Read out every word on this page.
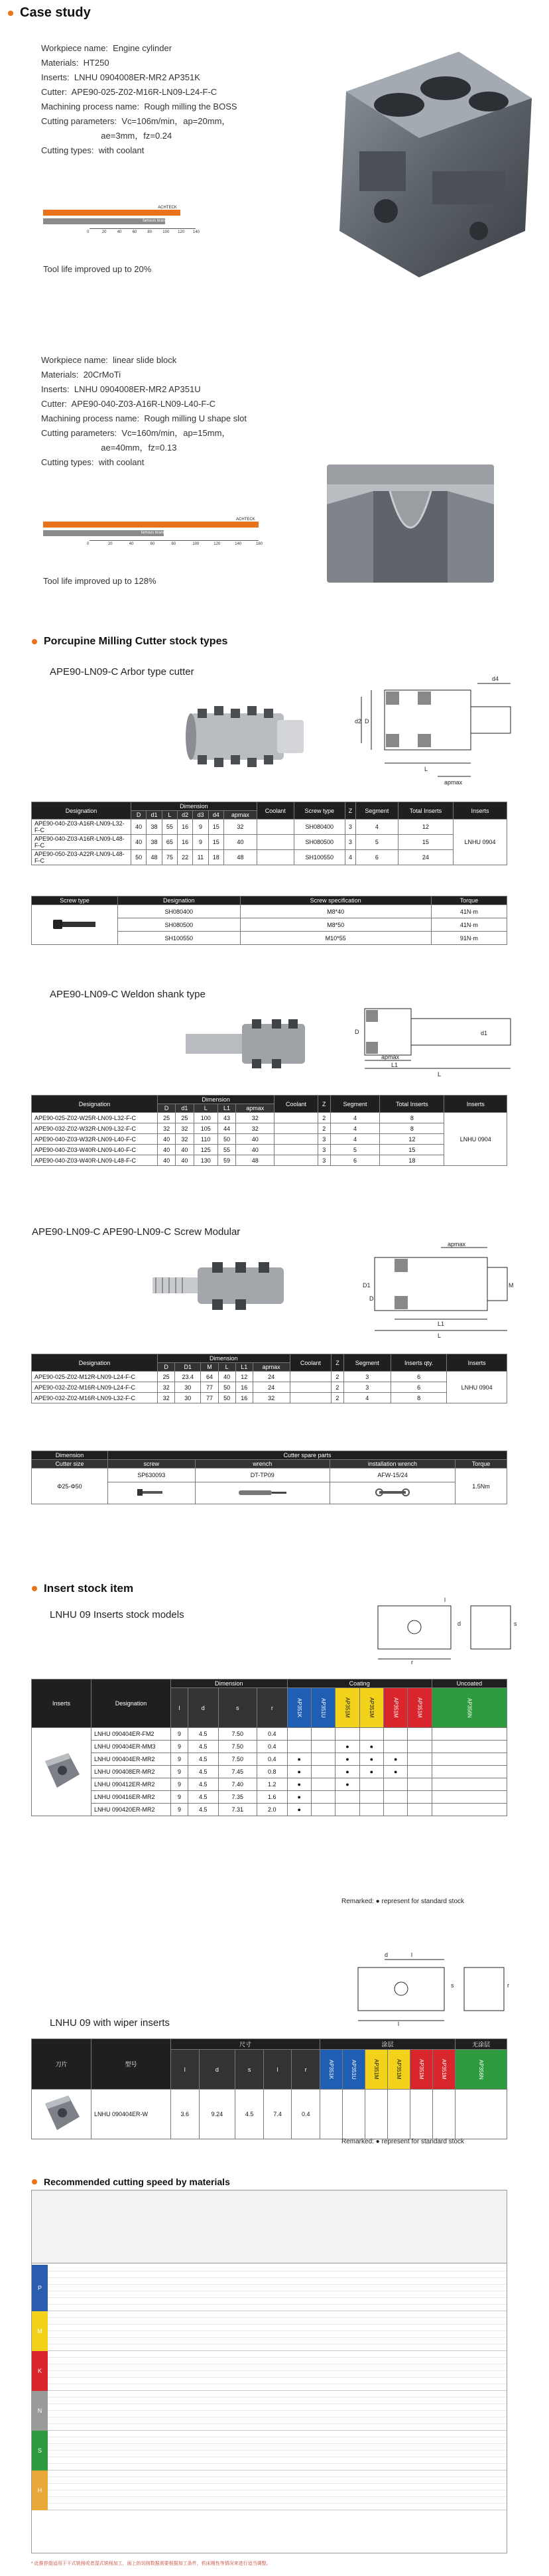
Case study
Workpiece name:  Engine cylinder
Materials:  HT250
Inserts:  LNHU 0904008ER-MR2 AP351K
Cutter:  APE90-025-Z02-M16R-LN09-L24-F-C
Machining process name:  Rough milling the BOSS
Cutting parameters:  Vc=106m/min，ap=20mm，
ae=3mm，fz=0.24
Cutting types:  with coolant
ACHTECK
famous brand
0	20	40	60	80	100 120 140
Tool life improved up to 20%
Workpiece name:  linear slide block
Materials:  20CrMoTi
Inserts:  LNHU 0904008ER-MR2 AP351U
Cutter:  APE90-040-Z03-A16R-LN09-L40-F-C
Machining process name:  Rough milling U shape slot
Cutting parameters:  Vc=160m/min，ap=15mm，
ae=40mm，fz=0.13
Cutting types:  with coolant
ACHTECK
famous brand
0	20	40	60	80	100	120	140	160
Tool life improved up to 128%
Porcupine Milling Cutter stock types
APE90-LN09-C Arbor type cutter
D
d2
L
apmax
d4
Designation	Dimension							Coolant	Screw type	Z	Segment	Total Inserts	Inserts
	D	d1	L	d2	d3	d4	apmax						
APE90-040-Z03-A16R-LN09-L32-F-C	40	38	55	16	9	15	32		SH080400	3	4	12	LNHU 0904
APE90-040-Z03-A16R-LN09-L48-F-C	40	38	65	16	9	15	40		SH080500	3	5	15	
APE90-050-Z03-A22R-LN09-L48-F-C	50	48	75	22	11	18	48		SH100550	4	6	24	
Screw type	Designation	Screw specification	Torque
	SH080400	M8*40	41N·m
	SH080500	M8*50	41N·m
	SH100550	M10*55	91N·m
APE90-LN09-C Weldon shank type
D	d1
apmax
L
L1
Designation	Dimension					Coolant	Z	Segment	Total Inserts	Inserts
	D	d1	L	L1	apmax					
APE90-025-Z02-W25R-LN09-L32-F-C	25	25	100	43	32		2	4	8	LNHU 0904
APE90-032-Z02-W32R-LN09-L32-F-C	32	32	105	44	32		2	4	8	
APE90-040-Z03-W32R-LN09-L40-F-C	40	32	110	50	40		3	4	12	
APE90-040-Z03-W40R-LN09-L40-F-C	40	40	125	55	40		3	5	15	
APE90-040-Z03-W40R-LN09-L48-F-C	40	40	130	59	48		3	6	18	
APE90-LN09-C APE90-LN09-C Screw Modular
D1
D
M
apmax
L1
L
Designation	Dimension						Coolant	Z	Segment	Inserts qty.	Inserts
	D	D1	M	L	L1	apmax					
APE90-025-Z02-M12R-LN09-L24-F-C	25	23.4	64	40	12	24		2	3	6	LNHU 0904
APE90-032-Z02-M16R-LN09-L24-F-C	32	30	77	50	16	24		2	3	6	
APE90-032-Z02-M16R-LN09-L32-F-C	32	30	77	50	16	32		2	4	8	
Dimension	Cutter spare parts			
Cutter size	screw	wrench	installation wrench	Torque
Φ25-Φ50	SP630093	DT-TP09	AFW-15/24	1.5Nm

Insert stock item
LNHU 09 Inserts stock models
l
d	s
r
Inserts	Designation	Dimension				Coating						Uncoated
		l	d	s	r	AP351K	AP351U	AP351M	AP351M	AP351M	AP351M	AP356N
	LNHU 090404ER-FM2	9	4.5	7.50	0.4							
	LNHU 090404ER-MM3	9	4.5	7.50	0.4			●	●			
	LNHU 090404ER-MR2	9	4.5	7.50	0.4	●		●	●	●		
	LNHU 090408ER-MR2	9	4.5	7.45	0.8	●		●	●	●		
	LNHU 090412ER-MR2	9	4.5	7.40	1.2	●		●				
	LNHU 090416ER-MR2	9	4.5	7.35	1.6	●						
	LNHU 090420ER-MR2	9	4.5	7.31	2.0	●						
Remarked: ● represent for standard stock
l
d
s	r
l
LNHU 09 with wiper inserts
刀片	型号	尺寸					涂层						无涂层
		l	d	s	l	r	AP351K	AP351U	AP351M	AP351M	AP351M	AP351M	AP356N
	LNHU 090404ER-W	3.6	9.24	4.5	7.4	0.4							
Remarked: ● represent for standard stock
Recommended cutting speed by materials
P
M
K
N
S
H
* 此推荐值适用于干式铣削或者湿式铣削加工，面上的切削数据需要根据加工条件，机床刚性等情况来进行适当调整。
